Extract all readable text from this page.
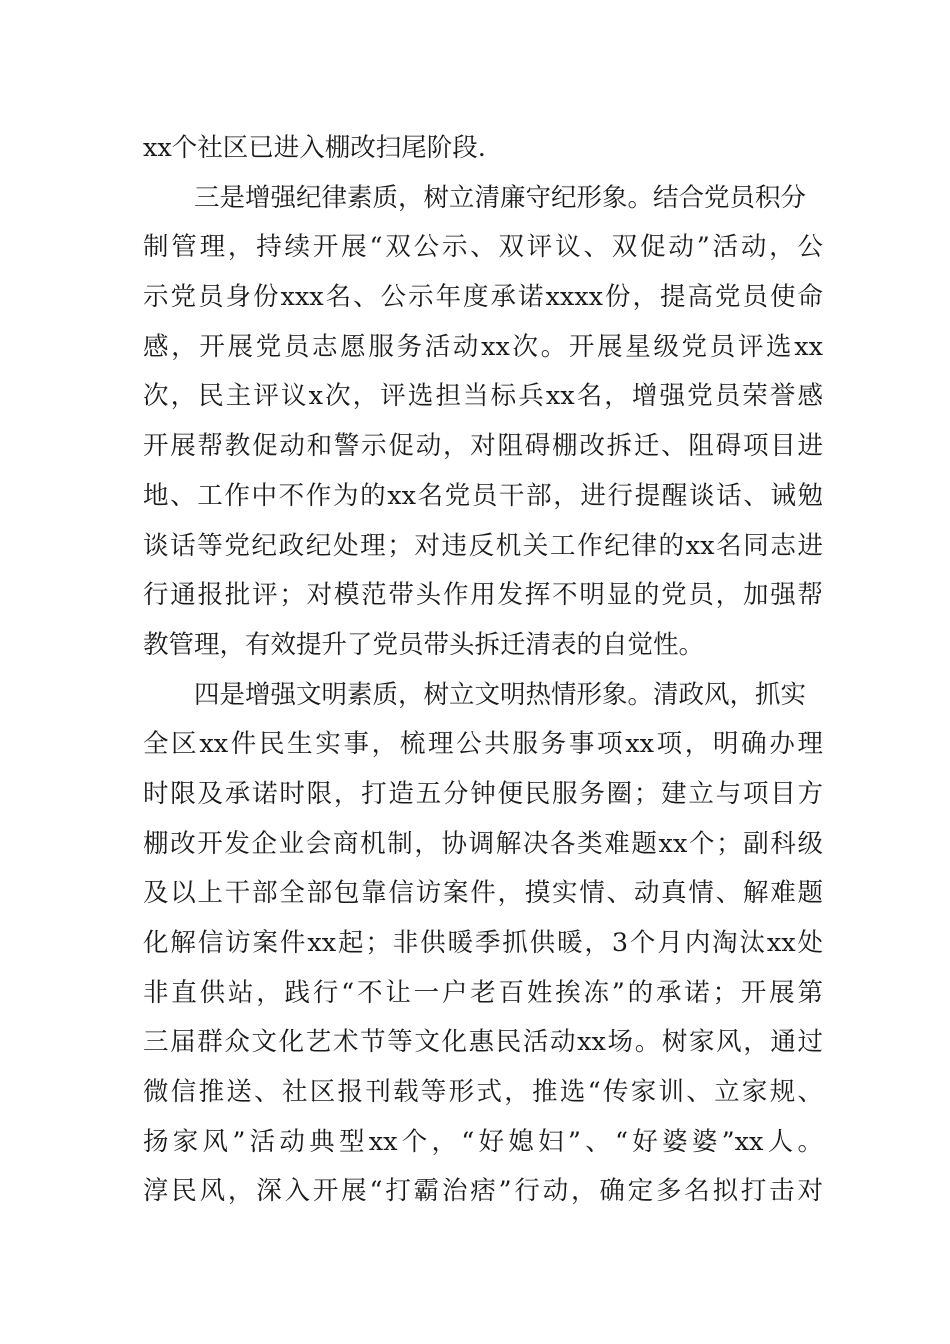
xx个社区已进入棚改扫尾阶段.
三是增强纪律素质，树立清廉守纪形象。结合党员积分
制管理，持续开展“双公示、双评议、双促动”活动，公
示党员身份xxx名、公示年度承诺xxxx份，提高党员使命
感，开展党员志愿服务活动xx次。开展星级党员评选xx
次，民主评议x次，评选担当标兵xx名，增强党员荣誉感
开展帮教促动和警示促动，对阻碍棚改拆迁、阻碍项目进
地、工作中不作为的xx名党员干部，进行提醒谈话、诫勉
谈话等党纪政纪处理；对违反机关工作纪律的xx名同志进
行通报批评；对模范带头作用发挥不明显的党员，加强帮
教管理，有效提升了党员带头拆迁清表的自觉性。
四是增强文明素质，树立文明热情形象。清政风，抓实
全区xx件民生实事，梳理公共服务事项xx项，明确办理
时限及承诺时限，打造五分钟便民服务圈；建立与项目方
棚改开发企业会商机制，协调解决各类难题xx个；副科级
及以上干部全部包靠信访案件，摸实情、动真情、解难题
化解信访案件xx起；非供暖季抓供暖，3个月内淘汰xx处
非直供站，践行“不让一户老百姓挨冻”的承诺；开展第
三届群众文化艺术节等文化惠民活动xx场。树家风，通过
微信推送、社区报刊载等形式，推选“传家训、立家规、
扬家风”活动典型xx个，“好媳妇”、“好婆婆”xx人。
淳民风，深入开展“打霸治痞”行动，确定多名拟打击对
